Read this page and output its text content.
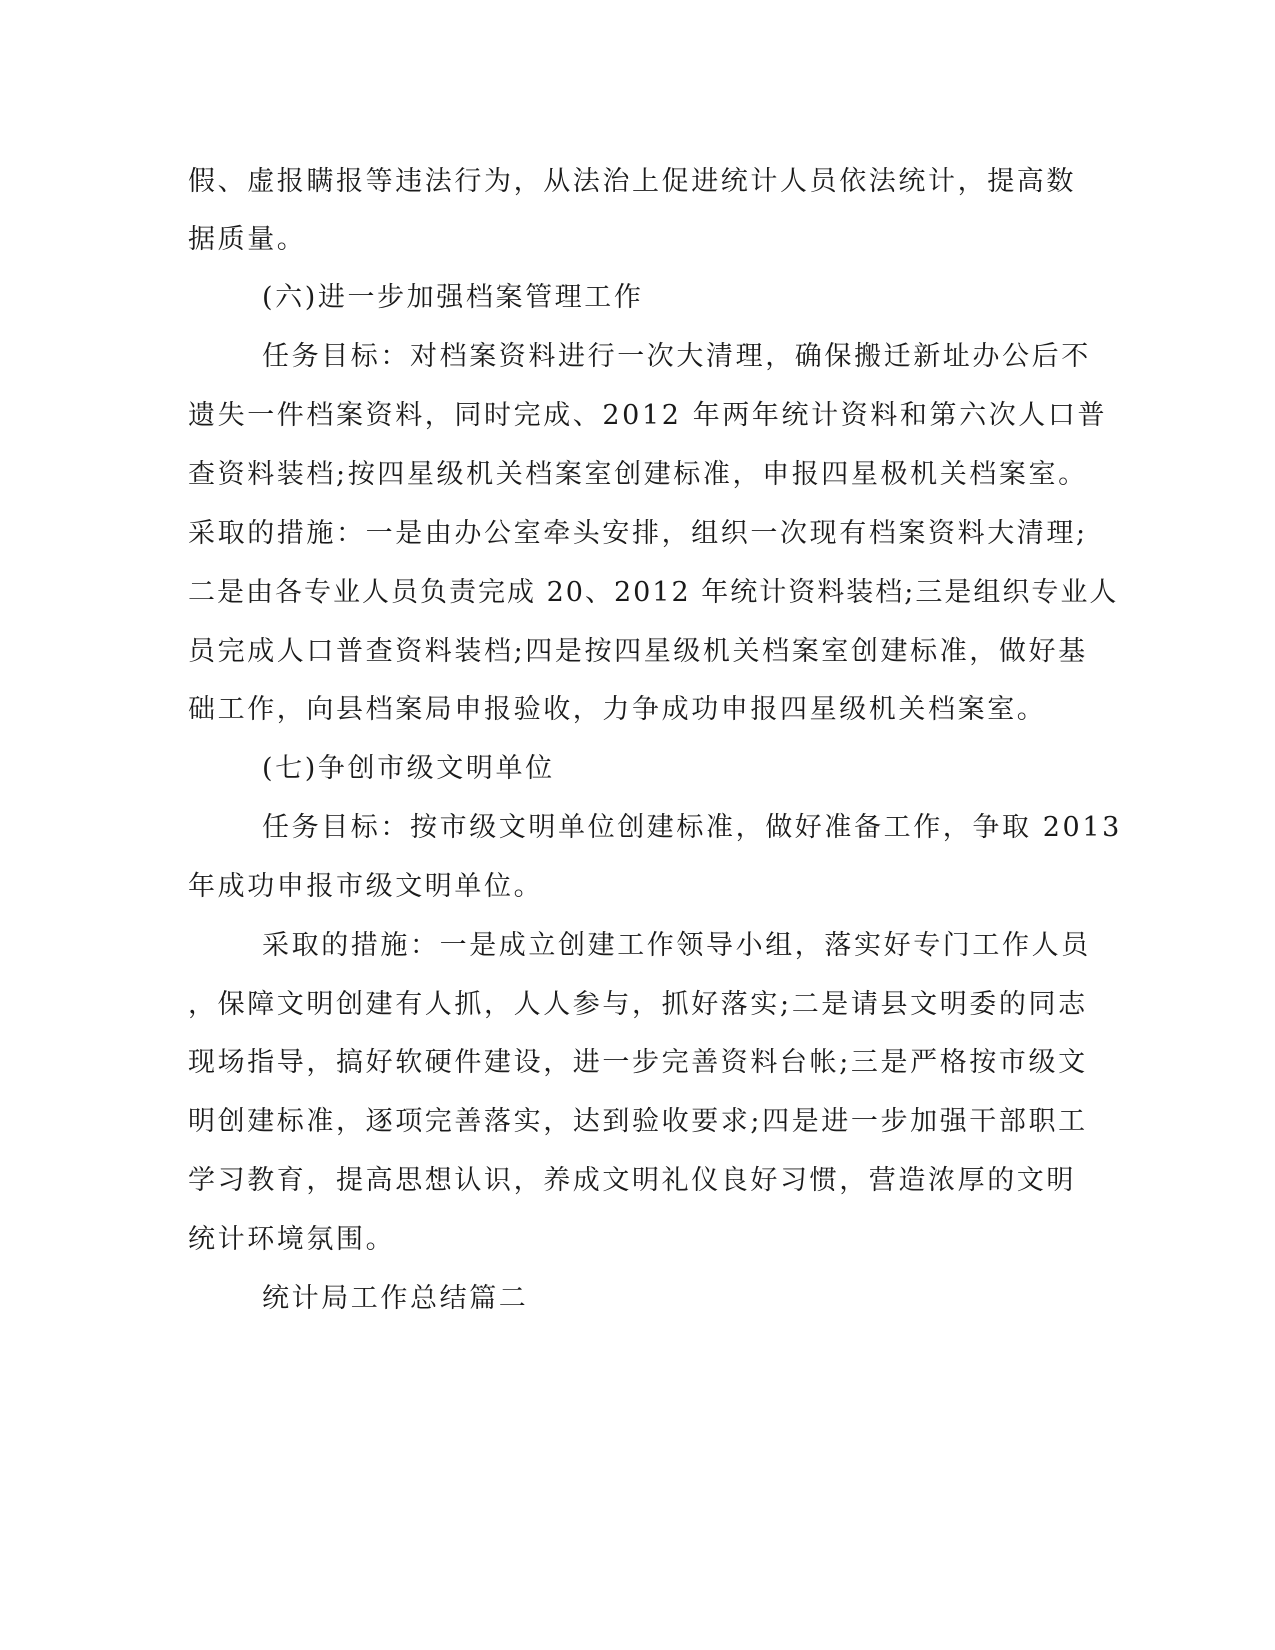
假、虚报瞒报等违法行为，从法治上促进统计人员依法统计，提高数
据质量。
(六)进一步加强档案管理工作
任务目标：对档案资料进行一次大清理，确保搬迁新址办公后不
遗失一件档案资料，同时完成、2012 年两年统计资料和第六次人口普
查资料装档;按四星级机关档案室创建标准，申报四星极机关档案室。
采取的措施：一是由办公室牵头安排，组织一次现有档案资料大清理;
二是由各专业人员负责完成 20、2012 年统计资料装档;三是组织专业人
员完成人口普查资料装档;四是按四星级机关档案室创建标准，做好基
础工作，向县档案局申报验收，力争成功申报四星级机关档案室。
(七)争创市级文明单位
任务目标：按市级文明单位创建标准，做好准备工作，争取 2013
年成功申报市级文明单位。
采取的措施：一是成立创建工作领导小组，落实好专门工作人员
，保障文明创建有人抓，人人参与，抓好落实;二是请县文明委的同志
现场指导，搞好软硬件建设，进一步完善资料台帐;三是严格按市级文
明创建标准，逐项完善落实，达到验收要求;四是进一步加强干部职工
学习教育，提高思想认识，养成文明礼仪良好习惯，营造浓厚的文明
统计环境氛围。
统计局工作总结篇二
